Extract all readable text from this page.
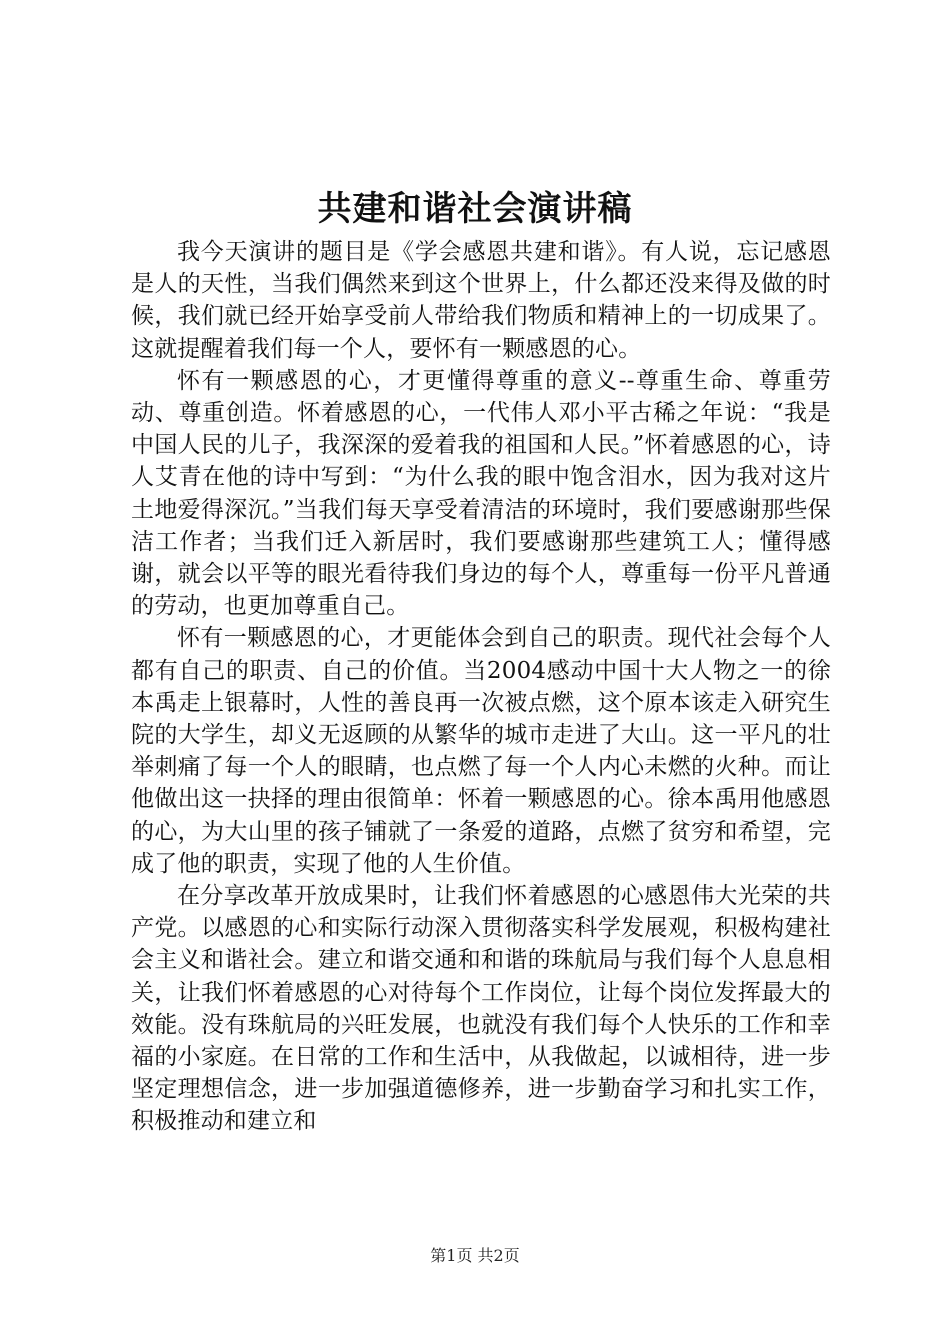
共建和谐社会演讲稿

我今天演讲的题目是《学会感恩共建和谐》。有人说，忘记感恩是人的天性，当我们偶然来到这个世界上，什么都还没来得及做的时候，我们就已经开始享受前人带给我们物质和精神上的一切成果了。这就提醒着我们每一个人，要怀有一颗感恩的心。

怀有一颗感恩的心，才更懂得尊重的意义--尊重生命、尊重劳动、尊重创造。怀着感恩的心，一代伟人邓小平古稀之年说：“我是中国人民的儿子，我深深的爱着我的祖国和人民。”怀着感恩的心，诗人艾青在他的诗中写到：“为什么我的眼中饱含泪水，因为我对这片土地爱得深沉。”当我们每天享受着清洁的环境时，我们要感谢那些保洁工作者；当我们迁入新居时，我们要感谢那些建筑工人；懂得感谢，就会以平等的眼光看待我们身边的每个人，尊重每一份平凡普通的劳动，也更加尊重自己。

怀有一颗感恩的心，才更能体会到自己的职责。现代社会每个人都有自己的职责、自己的价值。当2004感动中国十大人物之一的徐本禹走上银幕时，人性的善良再一次被点燃，这个原本该走入研究生院的大学生，却义无返顾的从繁华的城市走进了大山。这一平凡的壮举刺痛了每一个人的眼睛，也点燃了每一个人内心未燃的火种。而让他做出这一抉择的理由很简单：怀着一颗感恩的心。徐本禹用他感恩的心，为大山里的孩子铺就了一条爱的道路，点燃了贫穷和希望，完成了他的职责，实现了他的人生价值。

在分享改革开放成果时，让我们怀着感恩的心感恩伟大光荣的共产党。以感恩的心和实际行动深入贯彻落实科学发展观，积极构建社会主义和谐社会。建立和谐交通和和谐的珠航局与我们每个人息息相关，让我们怀着感恩的心对待每个工作岗位，让每个岗位发挥最大的效能。没有珠航局的兴旺发展，也就没有我们每个人快乐的工作和幸福的小家庭。在日常的工作和生活中，从我做起，以诚相待，进一步坚定理想信念，进一步加强道德修养，进一步勤奋学习和扎实工作，积极推动和建立和

第1页 共2页
